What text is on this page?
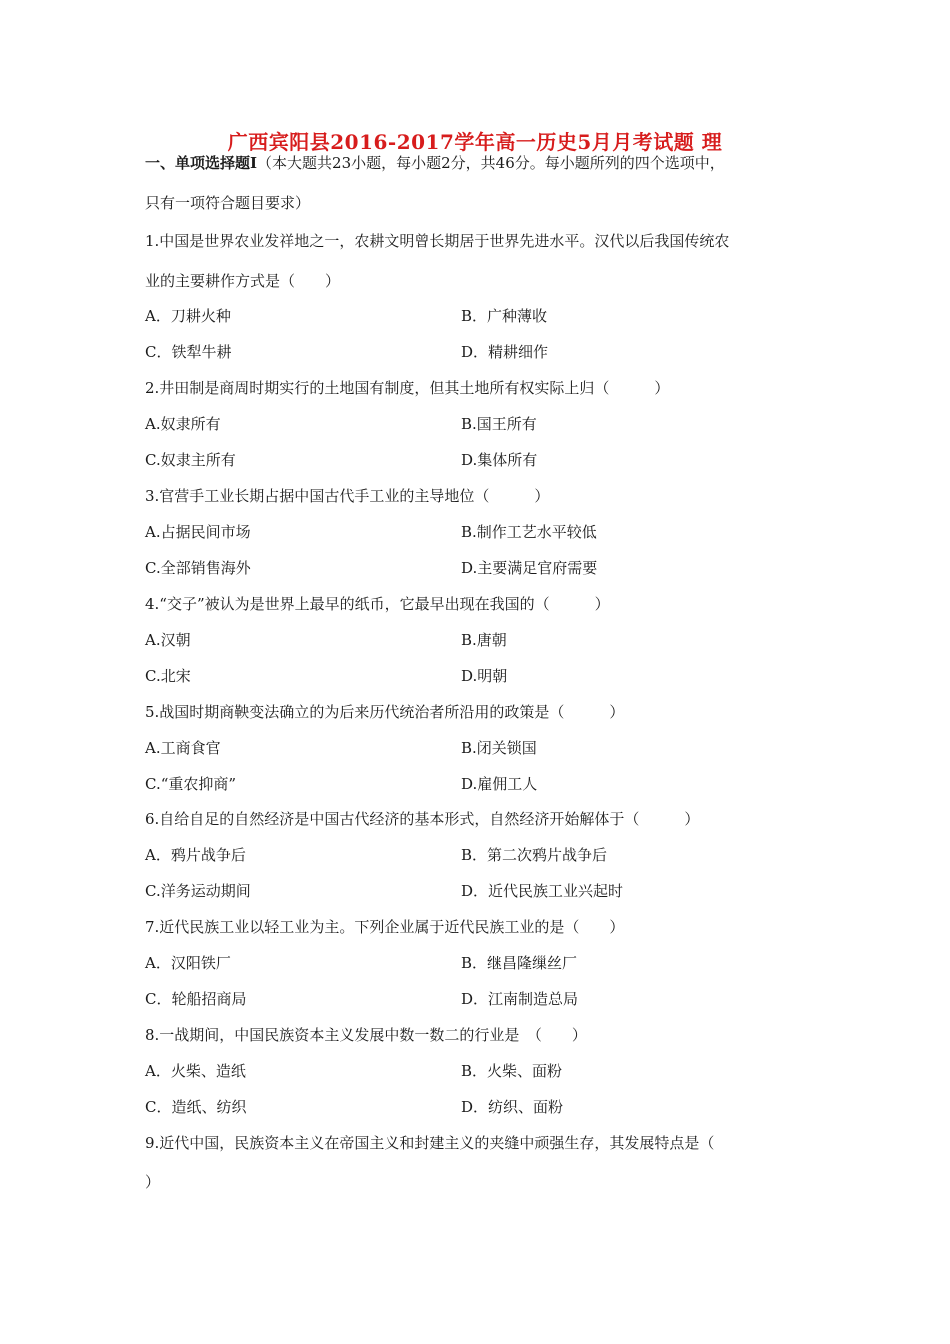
广西宾阳县2016-2017学年高一历史5月月考试题 理
一、单项选择题Ⅰ（本大题共23小题，每小题2分，共46分。每小题所列的四个选项中，
只有一项符合题目要求）
1.中国是世界农业发祥地之一，农耕文明曾长期居于世界先进水平。汉代以后我国传统农
业的主要耕作方式是（　　）
A．刀耕火种	B．广种薄收
C．铁犁牛耕	D．精耕细作
2.井田制是商周时期实行的土地国有制度，但其土地所有权实际上归（　　　）
A.奴隶所有	B.国王所有
C.奴隶主所有	D.集体所有
3.官营手工业长期占据中国古代手工业的主导地位（　　　）
A.占据民间市场	B.制作工艺水平较低
C.全部销售海外	D.主要满足官府需要
4.“交子”被认为是世界上最早的纸币，它最早出现在我国的（　　　）
A.汉朝	B.唐朝
C.北宋	D.明朝
5.战国时期商鞅变法确立的为后来历代统治者所沿用的政策是（　　　）
A.工商食官	B.闭关锁国
C.“重农抑商”	D.雇佣工人
6.自给自足的自然经济是中国古代经济的基本形式，自然经济开始解体于（　　　）
A．鸦片战争后	B．第二次鸦片战争后
C.洋务运动期间	D．近代民族工业兴起时
7.近代民族工业以轻工业为主。下列企业属于近代民族工业的是（　　）
A．汉阳铁厂	B．继昌隆缫丝厂
C．轮船招商局	D．江南制造总局
8.一战期间，中国民族资本主义发展中数一数二的行业是　（　　）
A．火柴、造纸	B．火柴、面粉
C．造纸、纺织	D．纺织、面粉
9.近代中国，民族资本主义在帝国主义和封建主义的夹缝中顽强生存，其发展特点是（
）
